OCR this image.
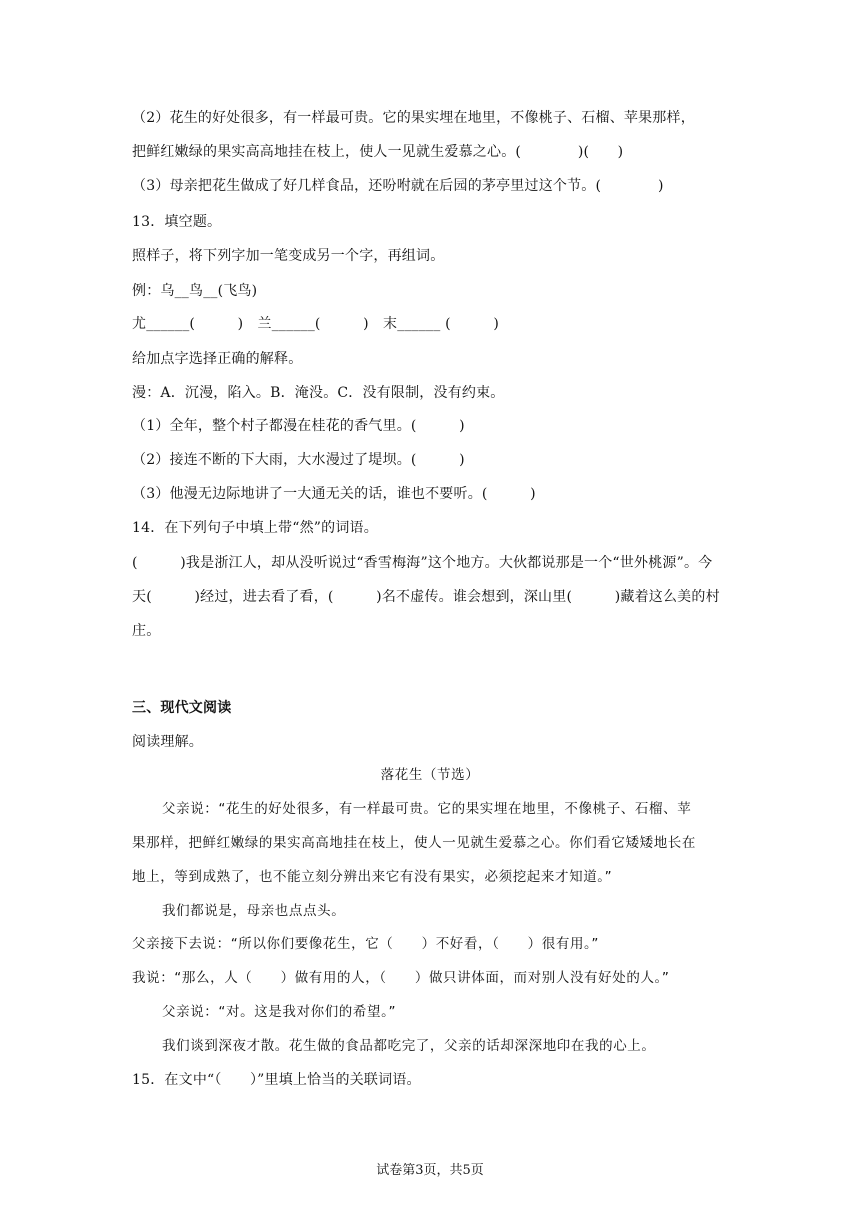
（2）花生的好处很多，有一样最可贵。它的果实埋在地里，不像桃子、石榴、苹果那样，
把鲜红嫩绿的果实高高地挂在枝上，使人一见就生爱慕之心。(　　　　)(　　)
（3）母亲把花生做成了好几样食品，还吩咐就在后园的茅亭里过这个节。(　　　　)
13．填空题。
照样子，将下列字加一笔变成另一个字，再组词。
例：乌__鸟__(飞鸟)
尤______(　　　)　兰______(　　　)　末______ (　　　)
给加点字选择正确的解释。
漫：A．沉漫，陷入。B．淹没。C．没有限制，没有约束。
（1）全年，整个村子都漫在桂花的香气里。(　　　)
（2）接连不断的下大雨，大水漫过了堤坝。(　　　)
（3）他漫无边际地讲了一大通无关的话，谁也不要听。(　　　)
14．在下列句子中填上带“然”的词语。
(　　　)我是浙江人，却从没听说过“香雪梅海”这个地方。大伙都说那是一个“世外桃源”。今
天(　　　)经过，进去看了看，(　　　)名不虚传。谁会想到，深山里(　　　)藏着这么美的村
庄。
三、现代文阅读
阅读理解。
落花生（节选）
父亲说：“花生的好处很多，有一样最可贵。它的果实埋在地里，不像桃子、石榴、苹
果那样，把鲜红嫩绿的果实高高地挂在枝上，使人一见就生爱慕之心。你们看它矮矮地长在
地上，等到成熟了，也不能立刻分辨出来它有没有果实，必须挖起来才知道。”
我们都说是，母亲也点点头。
父亲接下去说：“所以你们要像花生，它（　　）不好看，（　　）很有用。”
我说：“那么，人（　　）做有用的人，（　　）做只讲体面，而对别人没有好处的人。”
父亲说：“对。这是我对你们的希望。”
我们谈到深夜才散。花生做的食品都吃完了，父亲的话却深深地印在我的心上。
15．在文中“（　　）”里填上恰当的关联词语。
试卷第3页，共5页
